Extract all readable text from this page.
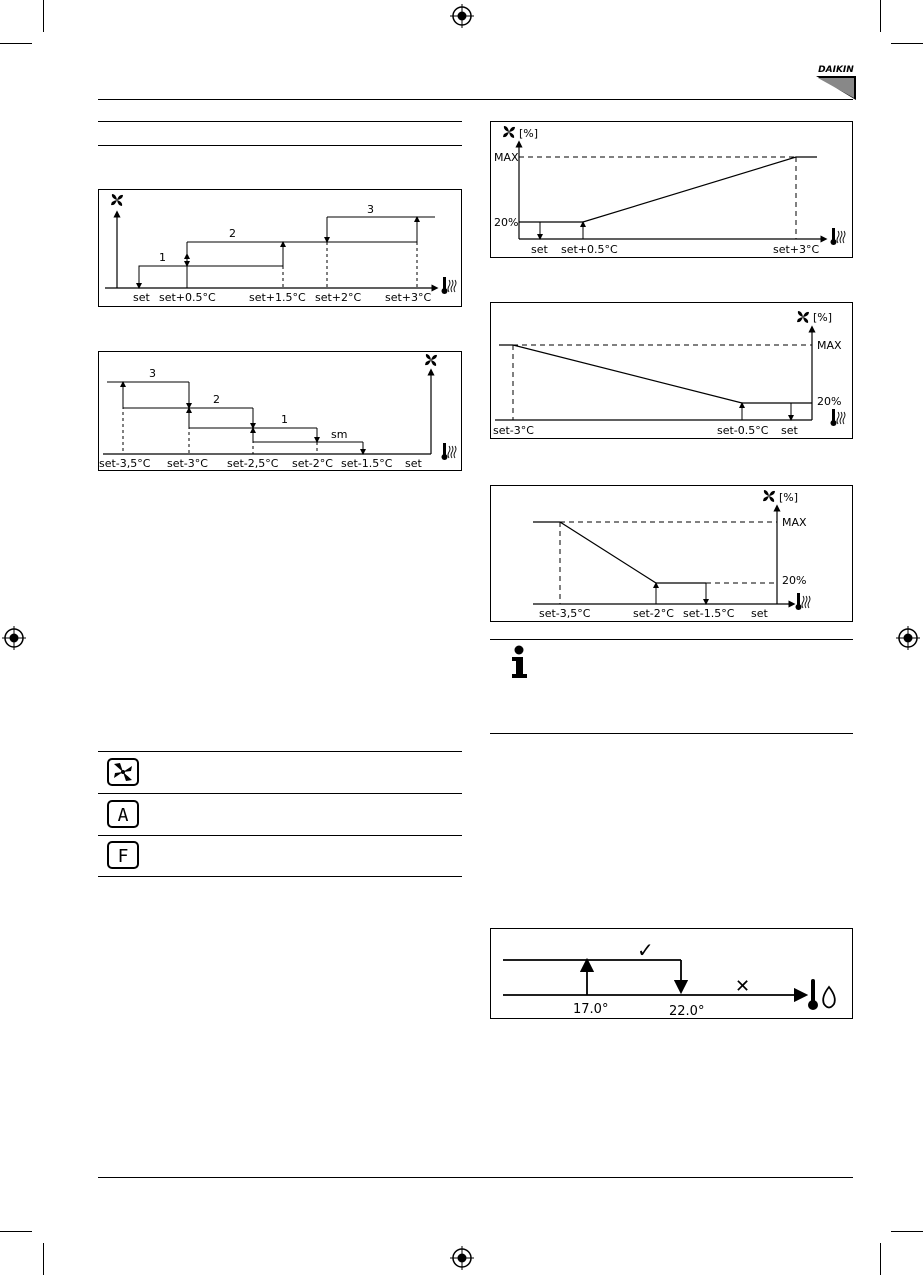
DAIKIN
1
2
3
set set+0.5°C	set+1.5°C set+2°C set+3°C
3
2
1
sm
set-3,5°C set-3°C set-2,5°C set-2°C set-1.5°C set
A
F
[%]
MAX
20%
set set+0.5°C	set+3°C
[%]
MAX
20%
set-3°C	set-0.5°C set
[%]
MAX
20%
set-3,5°C	set-2°C set-1.5°C set
✓
✕
17.0°	22.0°
